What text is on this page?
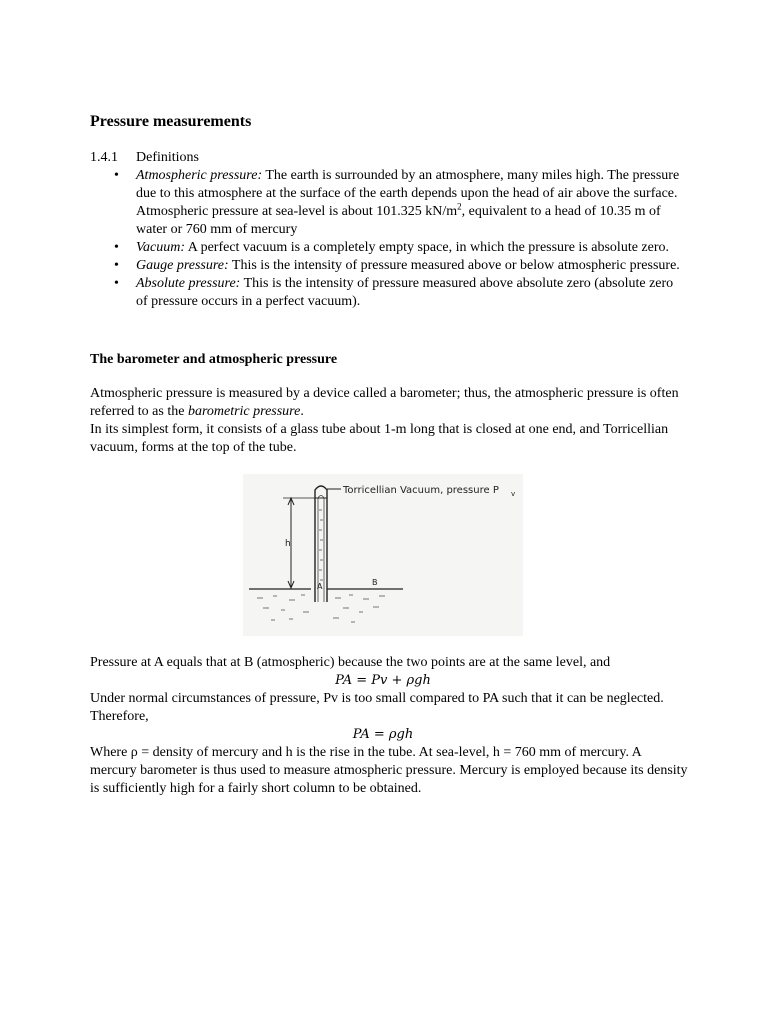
Pressure measurements
1.4.1 Definitions
• Atmospheric pressure: The earth is surrounded by an atmosphere, many miles high. The pressure due to this atmosphere at the surface of the earth depends upon the head of air above the surface. Atmospheric pressure at sea-level is about 101.325 $kN/m^2$, equivalent to a head of 10.35 m of water or 760 mm of mercury
• Vacuum: A perfect vacuum is a completely empty space, in which the pressure is absolute zero.
• Gauge pressure: This is the intensity of pressure measured above or below atmospheric pressure.
• Absolute pressure: This is the intensity of pressure measured above absolute zero (absolute zero of pressure occurs in a perfect vacuum).
The barometer and atmospheric pressure
Atmospheric pressure is measured by a device called a barometer; thus, the atmospheric pressure is often referred to as the barometric pressure.
In its simplest form, it consists of a glass tube about 1-m long that is closed at one end, and Torricellian vacuum, forms at the top of the tube.
Torricellian Vacuum, pressure P v
h
A	B
Pressure at A equals that at B (atmospheric) because the two points are at the same level, and
PA = Pv + ρgh
Under normal circumstances of pressure, Pv is too small compared to PA such that it can be neglected. Therefore,
PA = ρgh
Where ρ = density of mercury and h is the rise in the tube. At sea-level, h = 760 mm of mercury. A mercury barometer is thus used to measure atmospheric pressure. Mercury is employed because its density is sufficiently high for a fairly short column to be obtained.
